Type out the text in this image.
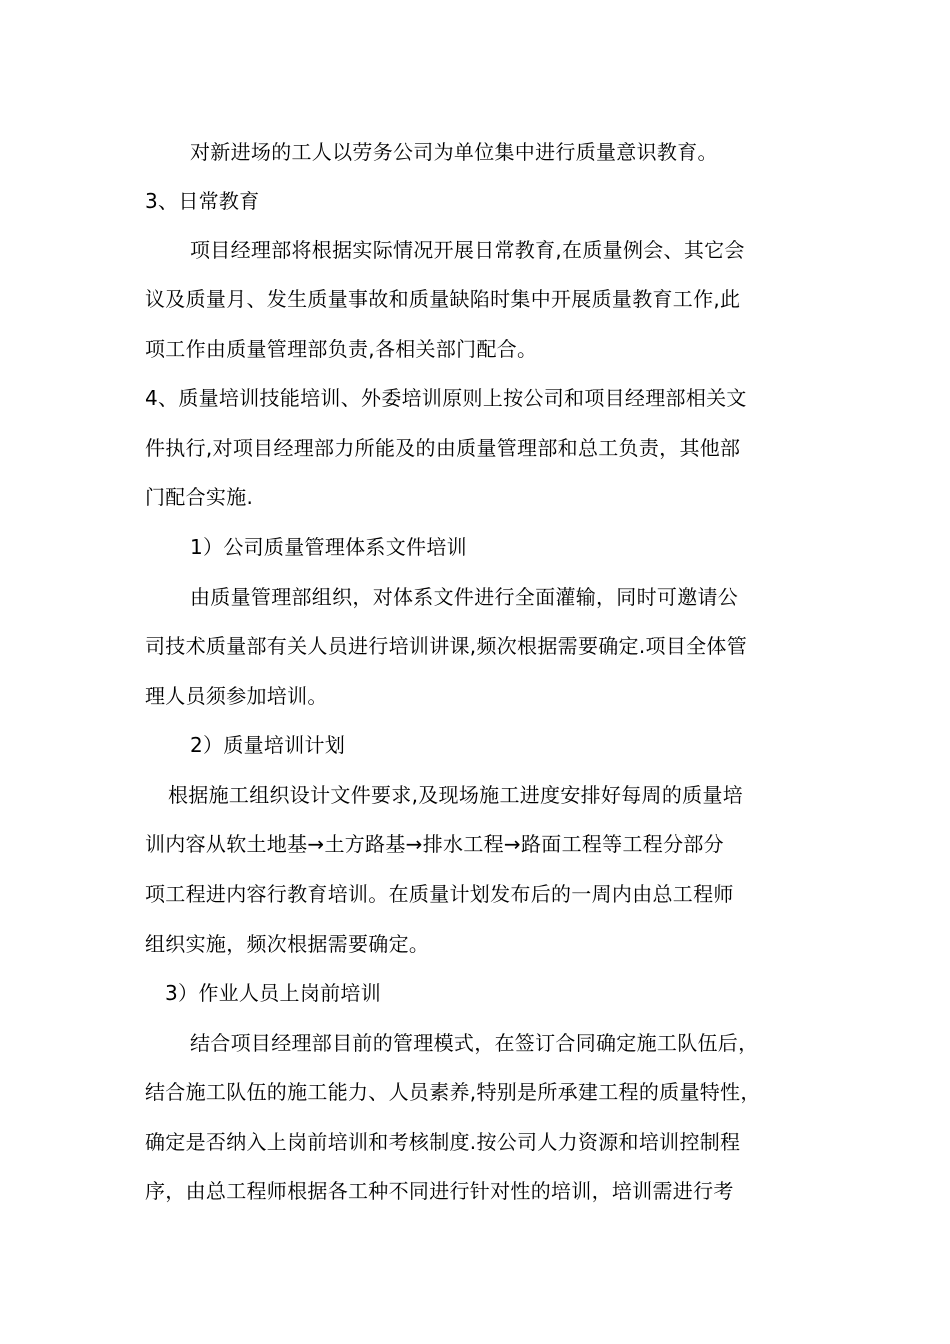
对新进场的工人以劳务公司为单位集中进行质量意识教育。
3、日常教育
项目经理部将根据实际情况开展日常教育,在质量例会、其它会
议及质量月、发生质量事故和质量缺陷时集中开展质量教育工作,此
项工作由质量管理部负责,各相关部门配合。
4、质量培训技能培训、外委培训原则上按公司和项目经理部相关文
件执行,对项目经理部力所能及的由质量管理部和总工负责，其他部
门配合实施.
1）公司质量管理体系文件培训
由质量管理部组织，对体系文件进行全面灌输，同时可邀请公
司技术质量部有关人员进行培训讲课,频次根据需要确定.项目全体管
理人员须参加培训。
2）质量培训计划
根据施工组织设计文件要求,及现场施工进度安排好每周的质量培
训内容从软土地基→土方路基→排水工程→路面工程等工程分部分
项工程进内容行教育培训。在质量计划发布后的一周内由总工程师
组织实施，频次根据需要确定。
3）作业人员上岗前培训
结合项目经理部目前的管理模式，在签订合同确定施工队伍后，
结合施工队伍的施工能力、人员素养,特别是所承建工程的质量特性，
确定是否纳入上岗前培训和考核制度.按公司人力资源和培训控制程
序，由总工程师根据各工种不同进行针对性的培训，培训需进行考
